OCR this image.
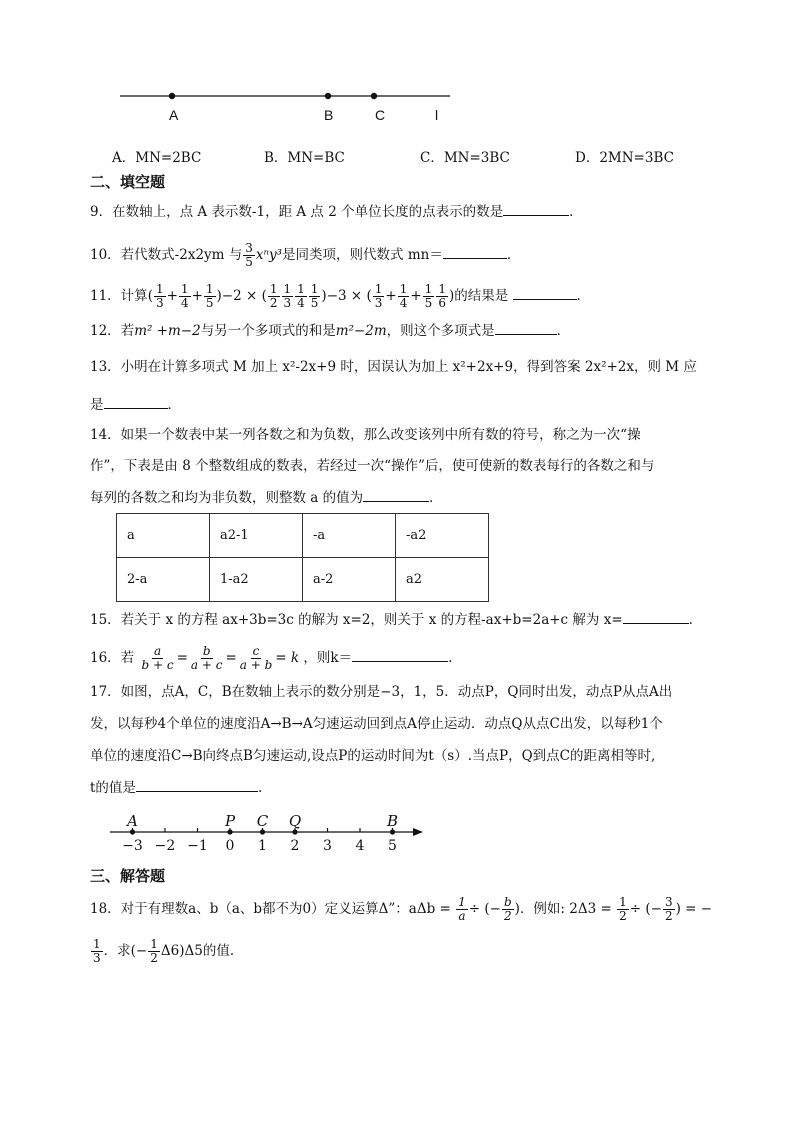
A	B	C	l
A．MN=2BC	B．MN=BC	C．MN=3BC	D．2MN=3BC
二、填空题
9．在数轴上，点 A 表示数-1，距 A 点 2 个单位长度的点表示的数是	．
10．若代数式-2x2ym 与 $\frac{3}{5} x^ny^3$是同类项，则代数式 mn＝	．
11．计算( $\frac{1}{3} + \frac{1}{4} + \frac{1}{5} )-2$ × ( $\frac{1}{2} \frac{1}{3} \frac{1}{4} \frac{1}{5} )-3$ × ( $\frac{1}{3} + \frac{1}{4} + \frac{1}{5} \frac{1}{6}$ )的结果是	．
12．若m² +m−2与另一个多项式的和是m²−2m，则这个多项式是	．
13．小明在计算多项式 M 加上 x²-2x+9 时，因误认为加上 x²+2x+9，得到答案 2x²+2x，则 M 应
是	．
14．如果一个数表中某一列各数之和为负数，那么改变该列中所有数的符号，称之为一次“操
作”，下表是由 8 个整数组成的数表，若经过一次“操作”后，使可使新的数表每行的各数之和与
每列的各数之和均为非负数，则整数 a 的值为	．
a	a2-1	-a	-a2
2-a	1-a2	a-2	a2
15．若关于 x 的方程 ax+3b=3c 的解为 x=2，则关于 x 的方程-ax+b=2a+c 解为 x=	．
16．若 $\frac{a}{b + c} = \frac{b}{a + c} = \frac{c}{a + b} = k$ ，则k＝	.
17．如图，点A，C，B在数轴上表示的数分别是−3，1，5．动点P，Q同时出发，动点P从点A出
发，以每秒4个单位的速度沿A→B→A匀速运动回到点A停止运动．动点Q从点C出发，以每秒1个
单位的速度沿C→B向终点B匀速运动,设点P的运动时间为t（s）.当点P，Q到点C的距离相等时,
t的值是	.
−3 −2 −1 0 1 2 3 4 5
A	P C Q	B
三、解答题
18．对于有理数a、b（a、b都不为0）定义运算Δ”：$a\Delta b = \frac{1}{a}$ ÷ (− $\frac{b}{2}$ )．例如: $2\Delta 3 = \frac{1}{2}$ ÷ (− $\frac{3}{2}$ ) = −
$\frac{1}{3}$ ．求(− $\frac{1}{2} \Delta 6)\Delta 5$的值．
